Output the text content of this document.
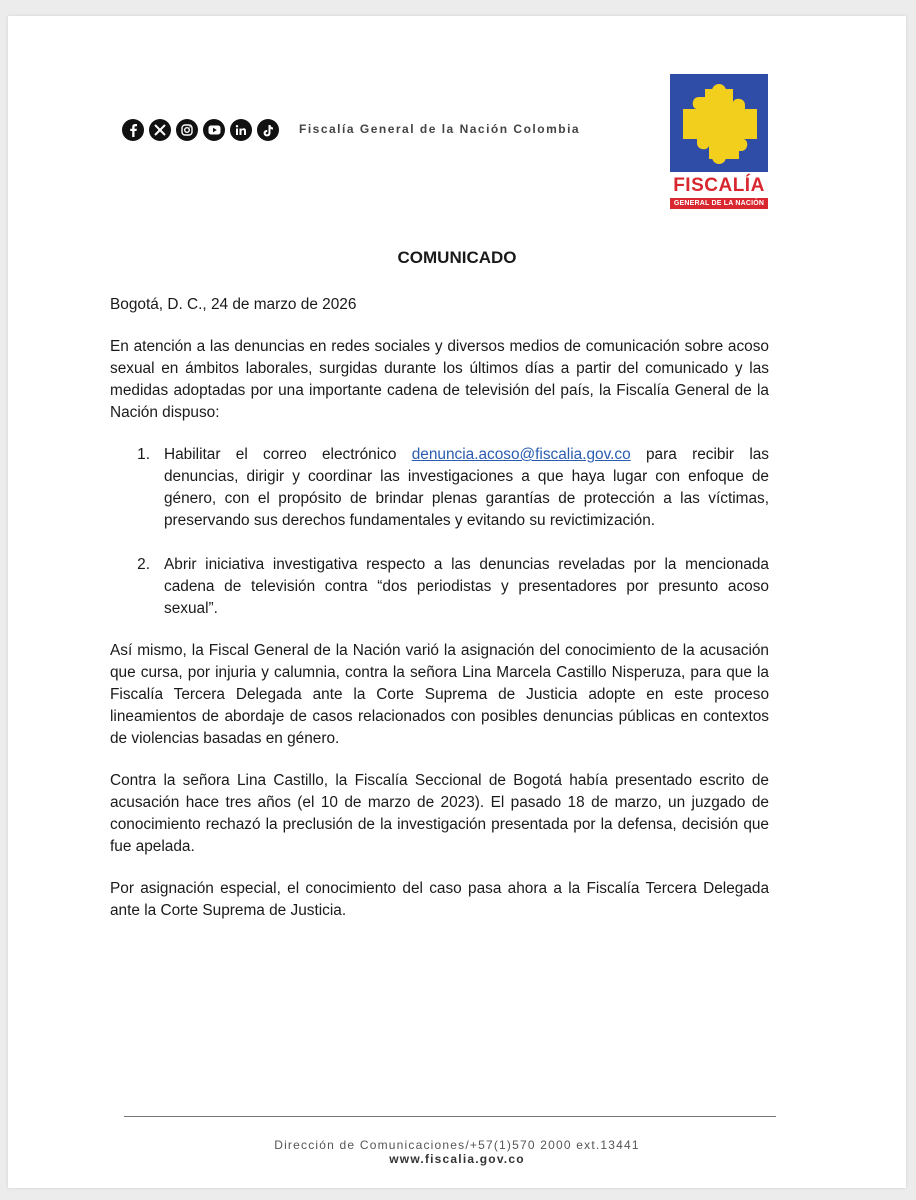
Fiscalía General de la Nación Colombia
FISCALÍA
GENERAL DE LA NACIÓN
COMUNICADO
Bogotá, D. C., 24 de marzo de 2026
En atención a las denuncias en redes sociales y diversos medios de comunicación sobre acoso sexual en ámbitos laborales, surgidas durante los últimos días a partir del comunicado y las medidas adoptadas por una importante cadena de televisión del país, la Fiscalía General de la Nación dispuso:
1. Habilitar el correo electrónico denuncia.acoso@fiscalia.gov.co para recibir las denuncias, dirigir y coordinar las investigaciones a que haya lugar con enfoque de género, con el propósito de brindar plenas garantías de protección a las víctimas, preservando sus derechos fundamentales y evitando su revictimización.
2. Abrir iniciativa investigativa respecto a las denuncias reveladas por la mencionada cadena de televisión contra “dos periodistas y presentadores por presunto acoso sexual”.
Así mismo, la Fiscal General de la Nación varió la asignación del conocimiento de la acusación que cursa, por injuria y calumnia, contra la señora Lina Marcela Castillo Nisperuza, para que la Fiscalía Tercera Delegada ante la Corte Suprema de Justicia adopte en este proceso lineamientos de abordaje de casos relacionados con posibles denuncias públicas en contextos de violencias basadas en género.
Contra la señora Lina Castillo, la Fiscalía Seccional de Bogotá había presentado escrito de acusación hace tres años (el 10 de marzo de 2023). El pasado 18 de marzo, un juzgado de conocimiento rechazó la preclusión de la investigación presentada por la defensa, decisión que fue apelada.
Por asignación especial, el conocimiento del caso pasa ahora a la Fiscalía Tercera Delegada ante la Corte Suprema de Justicia.
Dirección de Comunicaciones/+57(1)570 2000 ext.13441
www.fiscalia.gov.co
